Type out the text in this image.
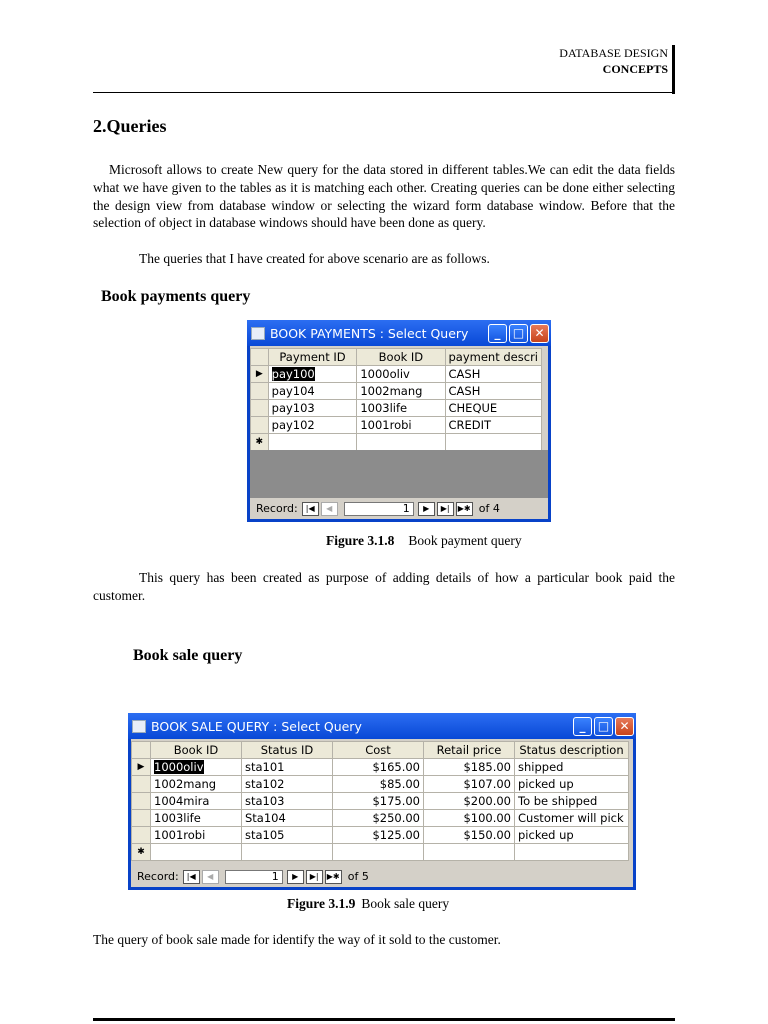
DATABASE DESIGN
CONCEPTS
2.Queries
Microsoft allows to create New query for the data stored in different tables.We can edit the data fields what we have given to the tables as it is matching each other. Creating queries can be done either selecting the design view from database window or selecting the wizard form database window. Before that the selection of object in database windows should have been done as query.
The queries that I have created for above scenario are as follows.
Book payments query
BOOK PAYMENTS : Select Query	_	□ ✕
	Payment ID	Book ID	payment descri
▶	pay100	1000oliv	CASH
	pay104	1002mang	CASH
	pay103	1003life	CHEQUE
	pay102	1001robi	CREDIT
✱			
Record:	|◀	◀	1	▶	▶|	▶✱ of 4
Figure 3.1.8 Book payment query
This query has been created as purpose of adding details of how a particular book paid the customer.
Book sale query
BOOK SALE QUERY : Select Query	_	□ ✕
	Book ID	Status ID	Cost	Retail price	Status description
▶	1000oliv	sta101	$165.00	$185.00	shipped
	1002mang	sta102	$85.00	$107.00	picked up
	1004mira	sta103	$175.00	$200.00	To be shipped
	1003life	Sta104	$250.00	$100.00	Customer will pick
	1001robi	sta105	$125.00	$150.00	picked up
✱					
Record:	|◀	◀	1	▶	▶|	▶✱ of 5
Figure 3.1.9 Book sale query
The query of book sale made for identify the way of it sold to the customer.
